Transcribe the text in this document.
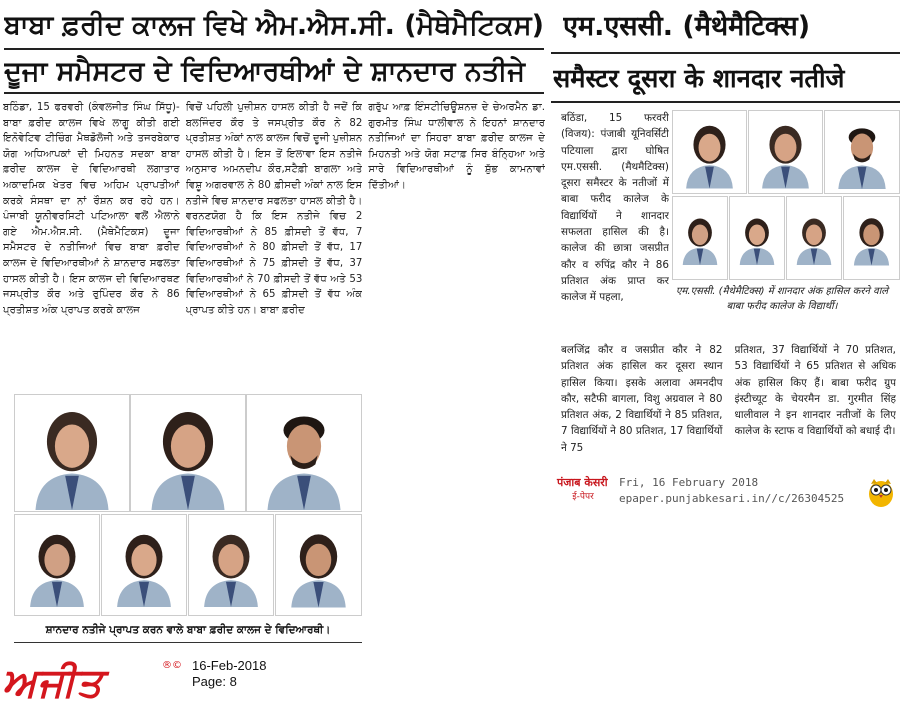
ਬਾਬਾ ਫ਼ਰੀਦ ਕਾਲਜ ਵਿਖੇ ਐਮ.ਐਸ.ਸੀ. (ਮੈਥੇਮੈਟਿਕਸ)
ਦੂਜਾ ਸਮੈਸਟਰ ਦੇ ਵਿਦਿਆਰਥੀਆਂ ਦੇ ਸ਼ਾਨਦਾਰ ਨਤੀਜੇ

ਬਠਿੰਡਾ, 15 ਫਰਵਰੀ (ਕੰਵਲਜੀਤ ਸਿੰਘ ਸਿੱਧੂ)-ਬਾਬਾ ਫ਼ਰੀਦ ਕਾਲਜ ਵਿਖੇ ਲਾਗੂ ਕੀਤੀ ਗਈ ਇਨੋਵੇਟਿਵ ਟੀਚਿੰਗ ਮੈਥਡੋਲੋਜੀ ਅਤੇ ਤਜਰਬੇਕਾਰ ਯੋਗ ਅਧਿਆਪਕਾਂ ਦੀ ਮਿਹਨਤ ਸਦਕਾ ਬਾਬਾ ਫ਼ਰੀਦ ਕਾਲਜ ਦੇ ਵਿਦਿਆਰਥੀ ਲਗਾਤਾਰ ਅਕਾਦਮਿਕ ਖੇਤਰ ਵਿਚ ਅਹਿਮ ਪ੍ਰਾਪਤੀਆਂ ਕਰਕੇ ਸੰਸਥਾ ਦਾ ਨਾਂ ਰੌਸ਼ਨ ਕਰ ਰਹੇ ਹਨ। ਪੰਜਾਬੀ ਯੂਨੀਵਰਸਿਟੀ ਪਟਿਆਲਾ ਵਲੋਂ ਐਲਾਨੇ ਗਏ ਐਮ.ਐਸ.ਸੀ. (ਮੈਥੇਮੈਟਿਕਸ) ਦੂਜਾ ਸਮੈਸਟਰ ਦੇ ਨਤੀਜਿਆਂ ਵਿਚ ਬਾਬਾ ਫ਼ਰੀਦ ਕਾਲਜ ਦੇ ਵਿਦਿਆਰਥੀਆਂ ਨੇ ਸ਼ਾਨਦਾਰ ਸਫਲਤਾ ਹਾਸਲ ਕੀਤੀ ਹੈ। ਇਸ ਕਾਲਜ ਦੀ ਵਿਦਿਆਰਥਣ ਜਸਪ੍ਰੀਤ ਕੌਰ ਅਤੇ ਰੁਪਿੰਦਰ ਕੌਰ ਨੇ 86 ਪ੍ਰਤੀਸ਼ਤ ਅੰਕ ਪ੍ਰਾਪਤ ਕਰਕੇ ਕਾਲਜ

ਵਿਚੋਂ ਪਹਿਲੀ ਪੁਜ਼ੀਸ਼ਨ ਹਾਸਲ ਕੀਤੀ ਹੈ ਜਦੋਂ ਕਿ ਬਲਜਿੰਦਰ ਕੌਰ ਤੇ ਜਸਪ੍ਰੀਤ ਕੌਰ ਨੇ 82 ਪ੍ਰਤੀਸ਼ਤ ਅੰਕਾਂ ਨਾਲ ਕਾਲਜ ਵਿਚੋਂ ਦੂਜੀ ਪੁਜ਼ੀਸ਼ਨ ਹਾਸਲ ਕੀਤੀ ਹੈ। ਇਸ ਤੋਂ ਇਲਾਵਾ ਇਸ ਨਤੀਜੇ ਅਨੁਸਾਰ ਅਮਨਦੀਪ ਕੌਰ,ਸਟੈਫ਼ੀ ਬਾਗਲਾ ਅਤੇ ਵਿਸ਼ੂ ਅਗਰਵਾਲ ਨੇ 80 ਫ਼ੀਸਦੀ ਅੰਕਾਂ ਨਾਲ ਇਸ ਨਤੀਜੇ ਵਿਚ ਸ਼ਾਨਦਾਰ ਸਫਲਤਾ ਹਾਸਲ ਕੀਤੀ ਹੈ। ਵਰਨਣਯੋਗ ਹੈ ਕਿ ਇਸ ਨਤੀਜੇ ਵਿਚ 2 ਵਿਦਿਆਰਥੀਆਂ ਨੇ 85 ਫ਼ੀਸਦੀ ਤੋਂ ਵੱਧ, 7 ਵਿਦਿਆਰਥੀਆਂ ਨੇ 80 ਫ਼ੀਸਦੀ ਤੋਂ ਵੱਧ, 17 ਵਿਦਿਆਰਥੀਆਂ ਨੇ 75 ਫ਼ੀਸਦੀ ਤੋਂ ਵੱਧ, 37 ਵਿਦਿਆਰਥੀਆਂ ਨੇ 70 ਫ਼ੀਸਦੀ ਤੋਂ ਵੱਧ ਅਤੇ 53 ਵਿਦਿਆਰਥੀਆਂ ਨੇ 65 ਫ਼ੀਸਦੀ ਤੋਂ ਵੱਧ ਅੰਕ ਪ੍ਰਾਪਤ ਕੀਤੇ ਹਨ। ਬਾਬਾ ਫ਼ਰੀਦ

ਗਰੁੱਪ ਆਫ਼ ਇੰਸਟੀਚਿਊਸ਼ਨਜ਼ ਦੇ ਚੇਅਰਮੈਨ ਡਾ. ਗੁਰਮੀਤ ਸਿੰਘ ਧਾਲੀਵਾਲ ਨੇ ਇਹਨਾਂ ਸ਼ਾਨਦਾਰ ਨਤੀਜਿਆਂ ਦਾ ਸਿਹਰਾ ਬਾਬਾ ਫ਼ਰੀਦ ਕਾਲਜ ਦੇ ਮਿਹਨਤੀ ਅਤੇ ਯੋਗ ਸਟਾਫ਼ ਸਿਰ ਬੰਨ੍ਹਿਆ ਅਤੇ ਸਾਰੇ ਵਿਦਿਆਰਥੀਆਂ ਨੂੰ ਸ਼ੁੱਭ ਕਾਮਨਾਵਾਂ ਦਿੱਤੀਆਂ।

ਸ਼ਾਨਦਾਰ ਨਤੀਜੇ ਪ੍ਰਾਪਤ ਕਰਨ ਵਾਲੇ ਬਾਬਾ ਫ਼ਰੀਦ ਕਾਲਜ ਦੇ ਵਿਦਿਆਰਥੀ।
ਅਜੀਤ	®© 16-Feb-2018
Page: 8
एम.एससी. (मैथेमैटिक्स)
समैस्टर दूसरा के शानदार नतीजे
बठिंडा, 15 फरवरी (विजय): पंजाबी यूनिवर्सिटी पटियाला द्वारा घोषित एम.एससी. (मैथमैटिक्स) दूसरा समैस्टर के नतीजों में बाबा फरीद कालेज के विद्यार्थियों ने शानदार सफलता हासिल की है। कालेज की छात्रा जसप्रीत कौर व रुपिंद्र कौर ने 86 प्रतिशत अंक प्राप्त कर कालेज में पहला,	एम.एससी. (मैथेमैटिक्स) में शानदार अंक हासिल करने वाले बाबा फरीद कालेज के विद्यार्थी।
बलजिंद्र कौर व जसप्रीत कौर ने 82 प्रतिशत अंक हासिल कर दूसरा स्थान हासिल किया। इसके अलावा अमनदीप कौर, सटैफी बागला, विशु अग्रवाल ने 80 प्रतिशत अंक, 2 विद्यार्थियों ने 85 प्रतिशत, 7 विद्यार्थियों ने 80 प्रतिशत, 17 विद्यार्थियों ने 75
प्रतिशत, 37 विद्यार्थियों ने 70 प्रतिशत, 53 विद्यार्थियों ने 65 प्रतिशत से अधिक अंक हासिल किए हैं। बाबा फरीद ग्रुप इंस्टीच्यूट के चेयरमैन डा. गुरमीत सिंह धालीवाल ने इन शानदार नतीजों के लिए कालेज के स्टाफ व विद्यार्थियों को बधाई दी।
पंजाब केसरी
ई-पेपर
Fri, 16 February 2018
epaper.punjabkesari.in//c/26304525
